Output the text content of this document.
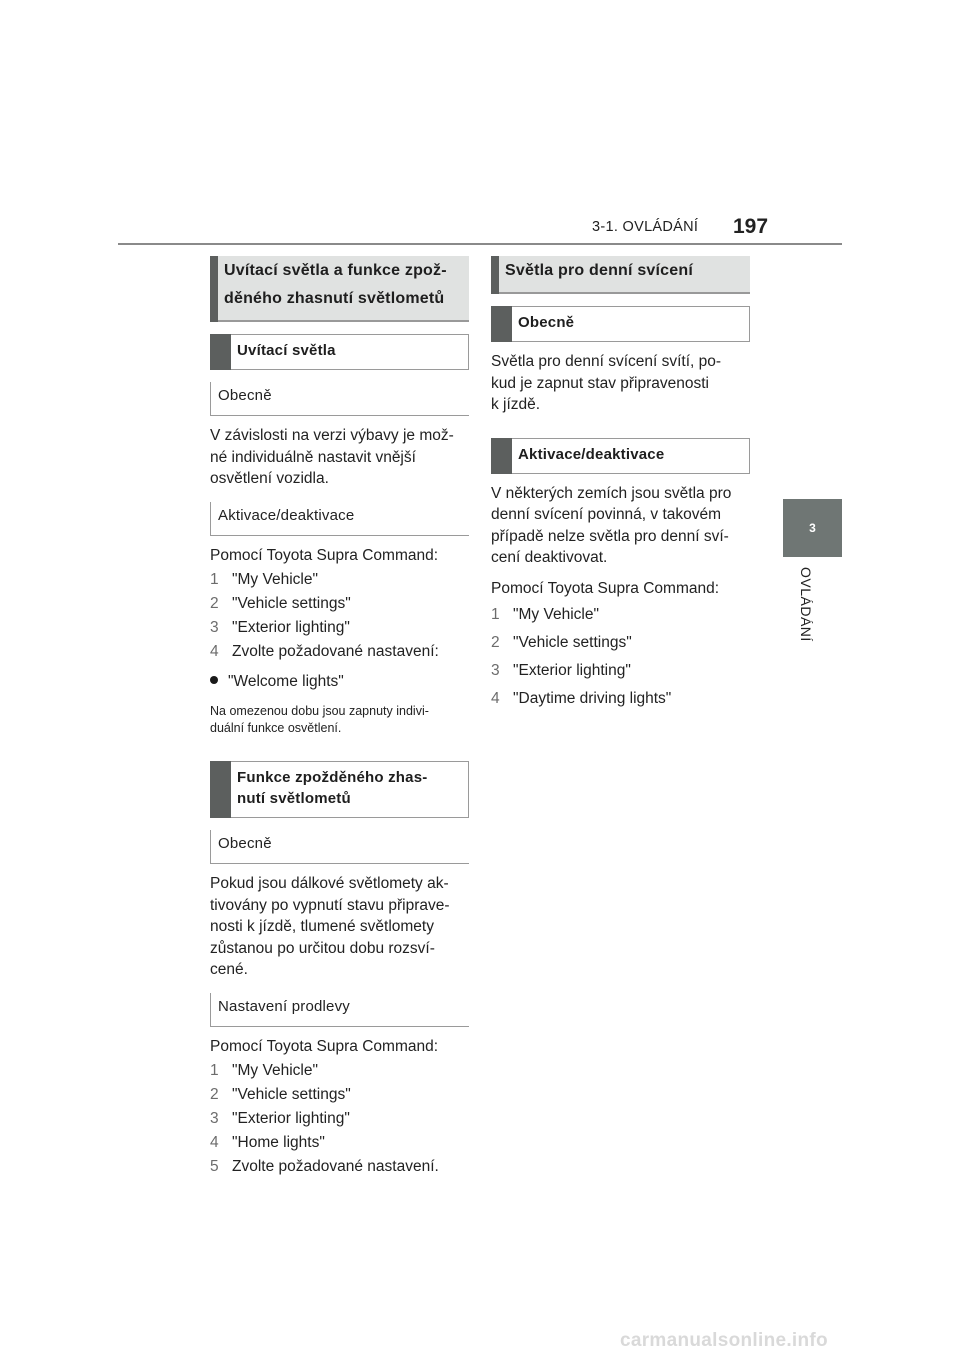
3-1. OVLÁDÁNÍ 197
3
OVLÁDÁNÍ
Uvítací světla a funkce zpož-
děného zhasnutí světlometů
Uvítací světla
Obecně
V závislosti na verzi výbavy je mož-
né individuálně nastavit vnější
osvětlení vozidla.
Aktivace/deaktivace
Pomocí Toyota Supra Command:
1 "My Vehicle"
2 "Vehicle settings"
3 "Exterior lighting"
4 Zvolte požadované nastavení:
"Welcome lights"
Na omezenou dobu jsou zapnuty indivi-
duální funkce osvětlení.
Funkce zpožděného zhas-
nutí světlometů
Obecně
Pokud jsou dálkové světlomety ak-
tivovány po vypnutí stavu připrave-
nosti k jízdě, tlumené světlomety
zůstanou po určitou dobu rozsví-
cené.
Nastavení prodlevy
Pomocí Toyota Supra Command:
1 "My Vehicle"
2 "Vehicle settings"
3 "Exterior lighting"
4 "Home lights"
5 Zvolte požadované nastavení.
Světla pro denní svícení
Obecně
Světla pro denní svícení svítí, po-
kud je zapnut stav připravenosti
k jízdě.
Aktivace/deaktivace
V některých zemích jsou světla pro
denní svícení povinná, v takovém
případě nelze světla pro denní sví-
cení deaktivovat.
Pomocí Toyota Supra Command:
1 "My Vehicle"
2 "Vehicle settings"
3 "Exterior lighting"
4 "Daytime driving lights"
carmanualsonline.info
